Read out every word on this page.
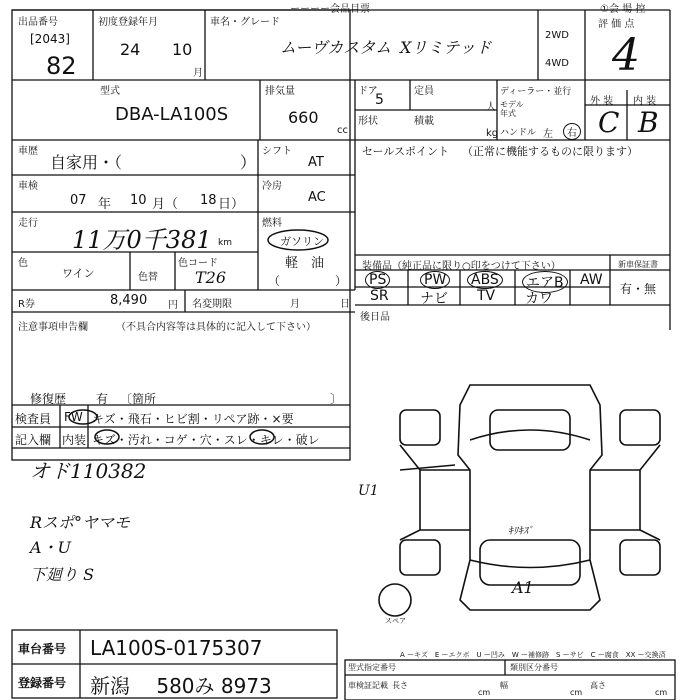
出品番号
[2043]
82
初度登録年月
24 10
月
車名・グレード
ムーヴカスタム Xリミテッド
ーーーー会品目票
2WD
4WD
①会 場 控
評 価 点
4
外 装 内 装
C B
型式
DBA-LA100S
排気量
660
cc
ドア
5
定員
人
形状	積載
kg
ディーラー・並行
モデル
年式
ハンドル 左	右
車歴
自家用・（	）
シフト
AT
セールスポイント （正常に機能するものに限ります）
車検
07 年 10 月（ 18 日）
冷房
AC
走行
11万0千381 km
燃料
ガソリン
軽　油
（	）
色
ワイン	色替
色コード
T26
R券	8,490 円 名変期限	月	日
装備品（純正品に限り○印をつけて下さい）	新車保証書
有・無
PS	PW ABS エアB AW
SR ナビ TV カワ
後日品
注意事項申告欄	（不具合内容等は具体的に記入して下さい）
修復歴 有 〔箇所	〕
検査員
記入欄
FW
内装
キズ・飛石・ヒビ割・リペア跡・×要
キズ・汚れ・コゲ・穴・スレ・キレ・破レ
オド110382
Rスポ°ヤマモ
A・U
下廻り S
U1
A1
ｷﾘｷｽﾞ
スペア
A ーキズ　E ーエクボ　U ー凹み　W ー補修跡　S ーサビ　C ー腐食　XX ー交換済
車台番号 LA100S-0175307
登録番号 新潟　 580み 8973
型式指定番号	類別区分番号
車検証記載 長さ
cm
幅
cm
高さ
cm
